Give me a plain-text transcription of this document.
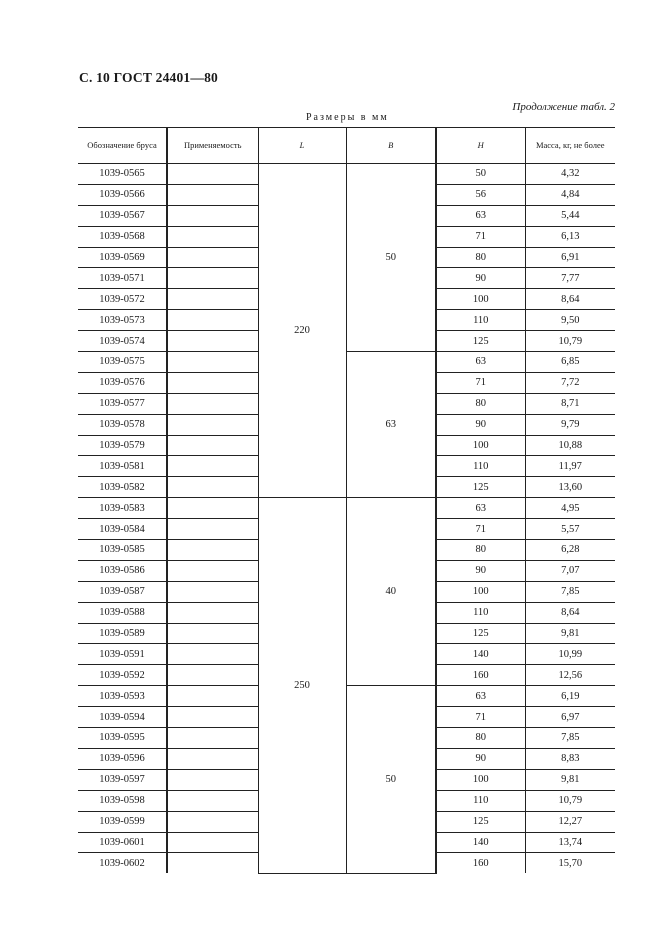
С. 10 ГОСТ 24401—80
Продолжение табл. 2
Размеры в мм
Обозначение бруса	Применяемость	L	B	H	Масса, кг, не более
1039-0565		220	50	50	4,32
1039-0566				56	4,84
1039-0567				63	5,44
1039-0568				71	6,13
1039-0569				80	6,91
1039-0571				90	7,77
1039-0572				100	8,64
1039-0573				110	9,50
1039-0574				125	10,79
1039-0575			63	63	6,85
1039-0576				71	7,72
1039-0577				80	8,71
1039-0578				90	9,79
1039-0579				100	10,88
1039-0581				110	11,97
1039-0582				125	13,60
1039-0583		250	40	63	4,95
1039-0584				71	5,57
1039-0585				80	6,28
1039-0586				90	7,07
1039-0587				100	7,85
1039-0588				110	8,64
1039-0589				125	9,81
1039-0591				140	10,99
1039-0592				160	12,56
1039-0593			50	63	6,19
1039-0594				71	6,97
1039-0595				80	7,85
1039-0596				90	8,83
1039-0597				100	9,81
1039-0598				110	10,79
1039-0599				125	12,27
1039-0601				140	13,74
1039-0602				160	15,70
